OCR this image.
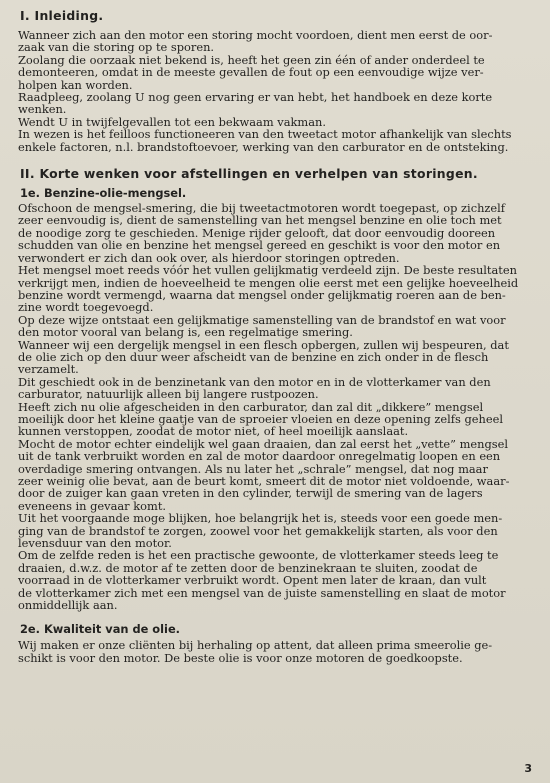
I. Inleiding.

Wanneer zich aan den motor een storing mocht voordoen, dient men eerst de oor-
zaak van die storing op te sporen.

Zoolang die oorzaak niet bekend is, heeft het geen zin één of ander onderdeel te
demonteeren, omdat in de meeste gevallen de fout op een eenvoudige wijze ver-
holpen kan worden.

Raadpleeg, zoolang U nog geen ervaring er van hebt, het handboek en deze korte
wenken.

Wendt U in twijfelgevallen tot een bekwaam vakman.

In wezen is het feilloos functioneeren van den tweetact motor afhankelijk van slechts
enkele factoren, n.l. brandstoftoevoer, werking van den carburator en de ontsteking.

II. Korte wenken voor afstellingen en verhelpen van storingen.
1e. Benzine-olie-mengsel.

Ofschoon de mengsel-smering, die bij tweetactmotoren wordt toegepast, op zichzelf
zeer eenvoudig is, dient de samenstelling van het mengsel benzine en olie toch met
de noodige zorg te geschieden. Menige rijder gelooft, dat door eenvoudig dooreen
schudden van olie en benzine het mengsel gereed en geschikt is voor den motor en
verwondert er zich dan ook over, als hierdoor storingen optreden.

Het mengsel moet reeds vóór het vullen gelijkmatig verdeeld zijn. De beste resultaten
verkrijgt men, indien de hoeveelheid te mengen olie eerst met een gelijke hoeveelheid
benzine wordt vermengd, waarna dat mengsel onder gelijkmatig roeren aan de ben-
zine wordt toegevoegd.

Op deze wijze ontstaat een gelijkmatige samenstelling van de brandstof en wat voor
den motor vooral van belang is, een regelmatige smering.

Wanneer wij een dergelijk mengsel in een flesch opbergen, zullen wij bespeuren, dat
de olie zich op den duur weer afscheidt van de benzine en zich onder in de flesch
verzamelt.

Dit geschiedt ook in de benzinetank van den motor en in de vlotterkamer van den
carburator, natuurlijk alleen bij langere rustpoozen.

Heeft zich nu olie afgescheiden in den carburator, dan zal dit „dikkere” mengsel
moeilijk door het kleine gaatje van de sproeier vloeien en deze opening zelfs geheel
kunnen verstoppen, zoodat de motor niet, of heel moeilijk aanslaat.

Mocht de motor echter eindelijk wel gaan draaien, dan zal eerst het „vette” mengsel
uit de tank verbruikt worden en zal de motor daardoor onregelmatig loopen en een
overdadige smering ontvangen. Als nu later het „schrale” mengsel, dat nog maar
zeer weinig olie bevat, aan de beurt komt, smeert dit de motor niet voldoende, waar-
door de zuiger kan gaan vreten in den cylinder, terwijl de smering van de lagers
eveneens in gevaar komt.

Uit het voorgaande moge blijken, hoe belangrijk het is, steeds voor een goede men-
ging van de brandstof te zorgen, zoowel voor het gemakkelijk starten, als voor den
levensduur van den motor.

Om de zelfde reden is het een practische gewoonte, de vlotterkamer steeds leeg te
draaien, d.w.z. de motor af te zetten door de benzinekraan te sluiten, zoodat de
voorraad in de vlotterkamer verbruikt wordt. Opent men later de kraan, dan vult
de vlotterkamer zich met een mengsel van de juiste samenstelling en slaat de motor
onmiddellijk aan.

2e. Kwaliteit van de olie.

Wij maken er onze cliënten bij herhaling op attent, dat alleen prima smeerolie ge-
schikt is voor den motor. De beste olie is voor onze motoren de goedkoopste.

3
